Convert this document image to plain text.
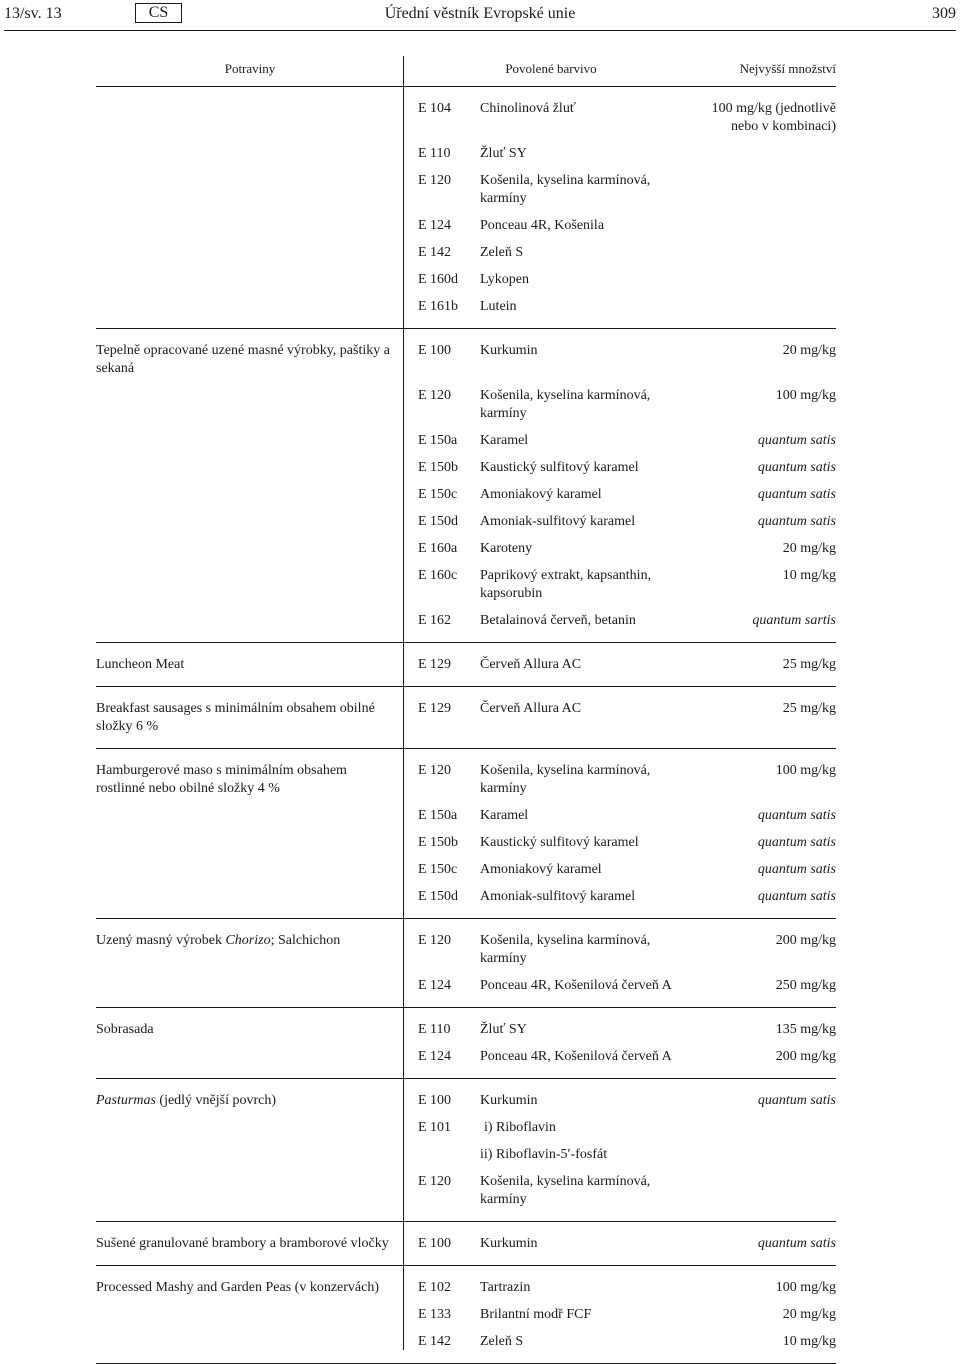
13/sv. 13	CS	Úřední věstník Evropské unie	309
Potraviny	Povolené barvivo		Nejvyšší množství

	E 104	Chinolinová žluť	100 mg/kg (jednotlivě nebo v kombinaci)
	E 110	Žluť SY	
	E 120	Košenila, kyselina karmínová, karmíny	
	E 124	Ponceau 4R, Košenila	
	E 142	Zeleň S	
	E 160d	Lykopen	
	E 161b	Lutein	

Tepelně opracované uzené masné výrobky, paštiky a sekaná	E 100	Kurkumin	20 mg/kg
	E 120	Košenila, kyselina karmínová, karmíny	100 mg/kg
	E 150a	Karamel	quantum satis
	E 150b	Kaustický sulfitový karamel	quantum satis
	E 150c	Amoniakový karamel	quantum satis
	E 150d	Amoniak-sulfitový karamel	quantum satis
	E 160a	Karoteny	20 mg/kg
	E 160c	Paprikový extrakt, kapsanthin, kapsorubin	10 mg/kg
	E 162	Betalainová červeň, betanin	quantum sartis

Luncheon Meat	E 129	Červeň Allura AC	25 mg/kg

Breakfast sausages s minimálním obsahem obilné složky 6 %	E 129	Červeň Allura AC	25 mg/kg

Hamburgerové maso s minimálním obsahem rostlinné nebo obilné složky 4 %	E 120	Košenila, kyselina karmínová, karmíny	100 mg/kg
	E 150a	Karamel	quantum satis
	E 150b	Kaustický sulfitový karamel	quantum satis
	E 150c	Amoniakový karamel	quantum satis
	E 150d	Amoniak-sulfitový karamel	quantum satis

Uzený masný výrobek Chorizo; Salchichon	E 120	Košenila, kyselina karmínová, karmíny	200 mg/kg
	E 124	Ponceau 4R, Košenilová červeň A	250 mg/kg

Sobrasada	E 110	Žluť SY	135 mg/kg
	E 124	Ponceau 4R, Košenilová červeň A	200 mg/kg

Pasturmas (jedlý vnější povrch)	E 100	Kurkumin	quantum satis
	E 101	i) Riboflavin	
		ii) Riboflavin-5′-fosfát	
	E 120	Košenila, kyselina karmínová, karmíny	

Sušené granulované brambory a bramborové vločky	E 100	Kurkumin	quantum satis

Processed Mashy and Garden Peas (v konzervách)	E 102	Tartrazin	100 mg/kg
	E 133	Brilantní modř FCF	20 mg/kg
	E 142	Zeleň S	10 mg/kg
